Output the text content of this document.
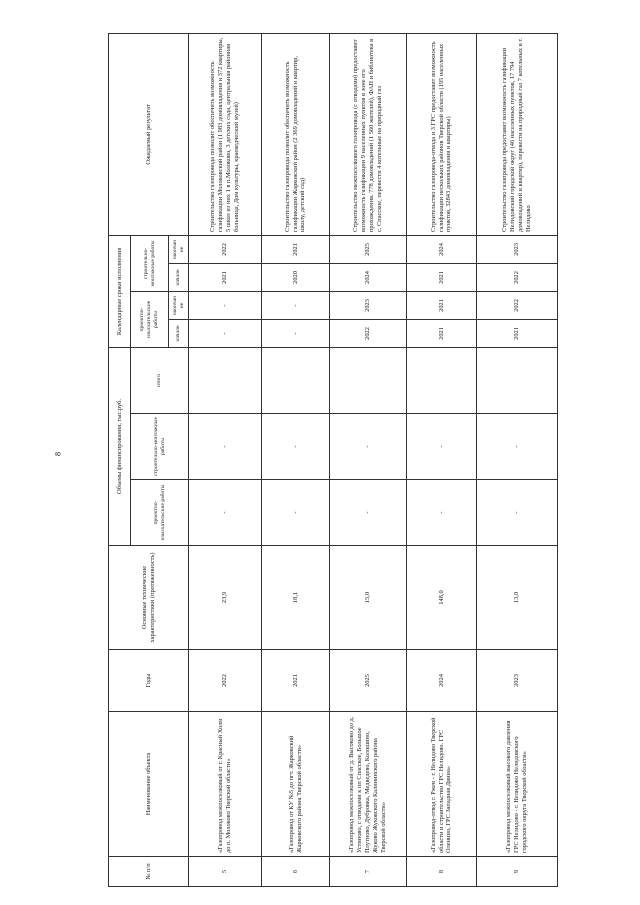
8
№ п/п	Наименование объекта	Годы	Основные технические характеристики (протяженность)	Объемы финансирования, тыс.руб.			Календарные сроки исполнения				Ожидаемый результат
				проектно-изыскательские работы	строительно-монтажные работы	итого	проектно-изыскательские работы		строительно-монтажные работы		
							начало	окончание	начало	окончание	
5	«Газопровод межпоселковый от г. Красный Холм до п. Молоково Тверской области»	2022	23,9	-	-		-	-	2021	2022	Строительство газопровода позволит обеспечить возможность газификации Молоковский район (1 983 домовладения и 372 квартиры, 5 школ из них 1 в п.Молоково, 3 детских сада, центральная районная больница, Дом культуры, краеведческий музей)
6	«Газопровод от КУ №5 до пгт. Жарковский Жарковского района Тверской области»	2021	18,1	-	-		-	-	2020	2021	Строительство газопровода позволит обеспечить возможность газификации Жарковский район (2 369 домовладений и квартир, школу, детский сад)
7	«Газопровод межпоселковый от д. Высоково до д. Устиново, с отводами к пп Спасское, Большое Плутново, Дубровка, Медведево, Колошино, Жуково Жуковского Калининского района Тверской области»	2025	15,0	-	-		2022	2023	2024	2025	Строительство межпоселкового газопровода (с отводами) предоставит возможность газификации 9 населенных пунктов в зоне его прохождения. 778 домовладений (1 560 жителей), ФАП и библиотека в с. Спасское, перевести 4 котельные на природный газ
8	«Газопровод-отвод г. Ржев - г. Нелидово Тверской области и строительство ГРС Нелидово. ГРС Оленино, ГРС Западная Двина»	2024	148,0	-	-		2021	2021	2021	2024	Строительство газопровода-отвода и 3 ГРС предоставит возможность газификации нескольких районов Тверской области (195 населенных пунктов, 32843 домовладения и квартиры)
9	«Газопровод межпоселковый высокого давления ГРС Нелидово - г. Нелидово Нелидовского городского округа Тверской области»	2023	13,0	-	-		2021	2022	2022	2023	Строительство газопровода предоставит возможность газификации Нелидовский городской округ (46 населенных пунктов, 17 794 домовладений и квартир), перевести на природный газ 7 котельных в г. Нелидово
